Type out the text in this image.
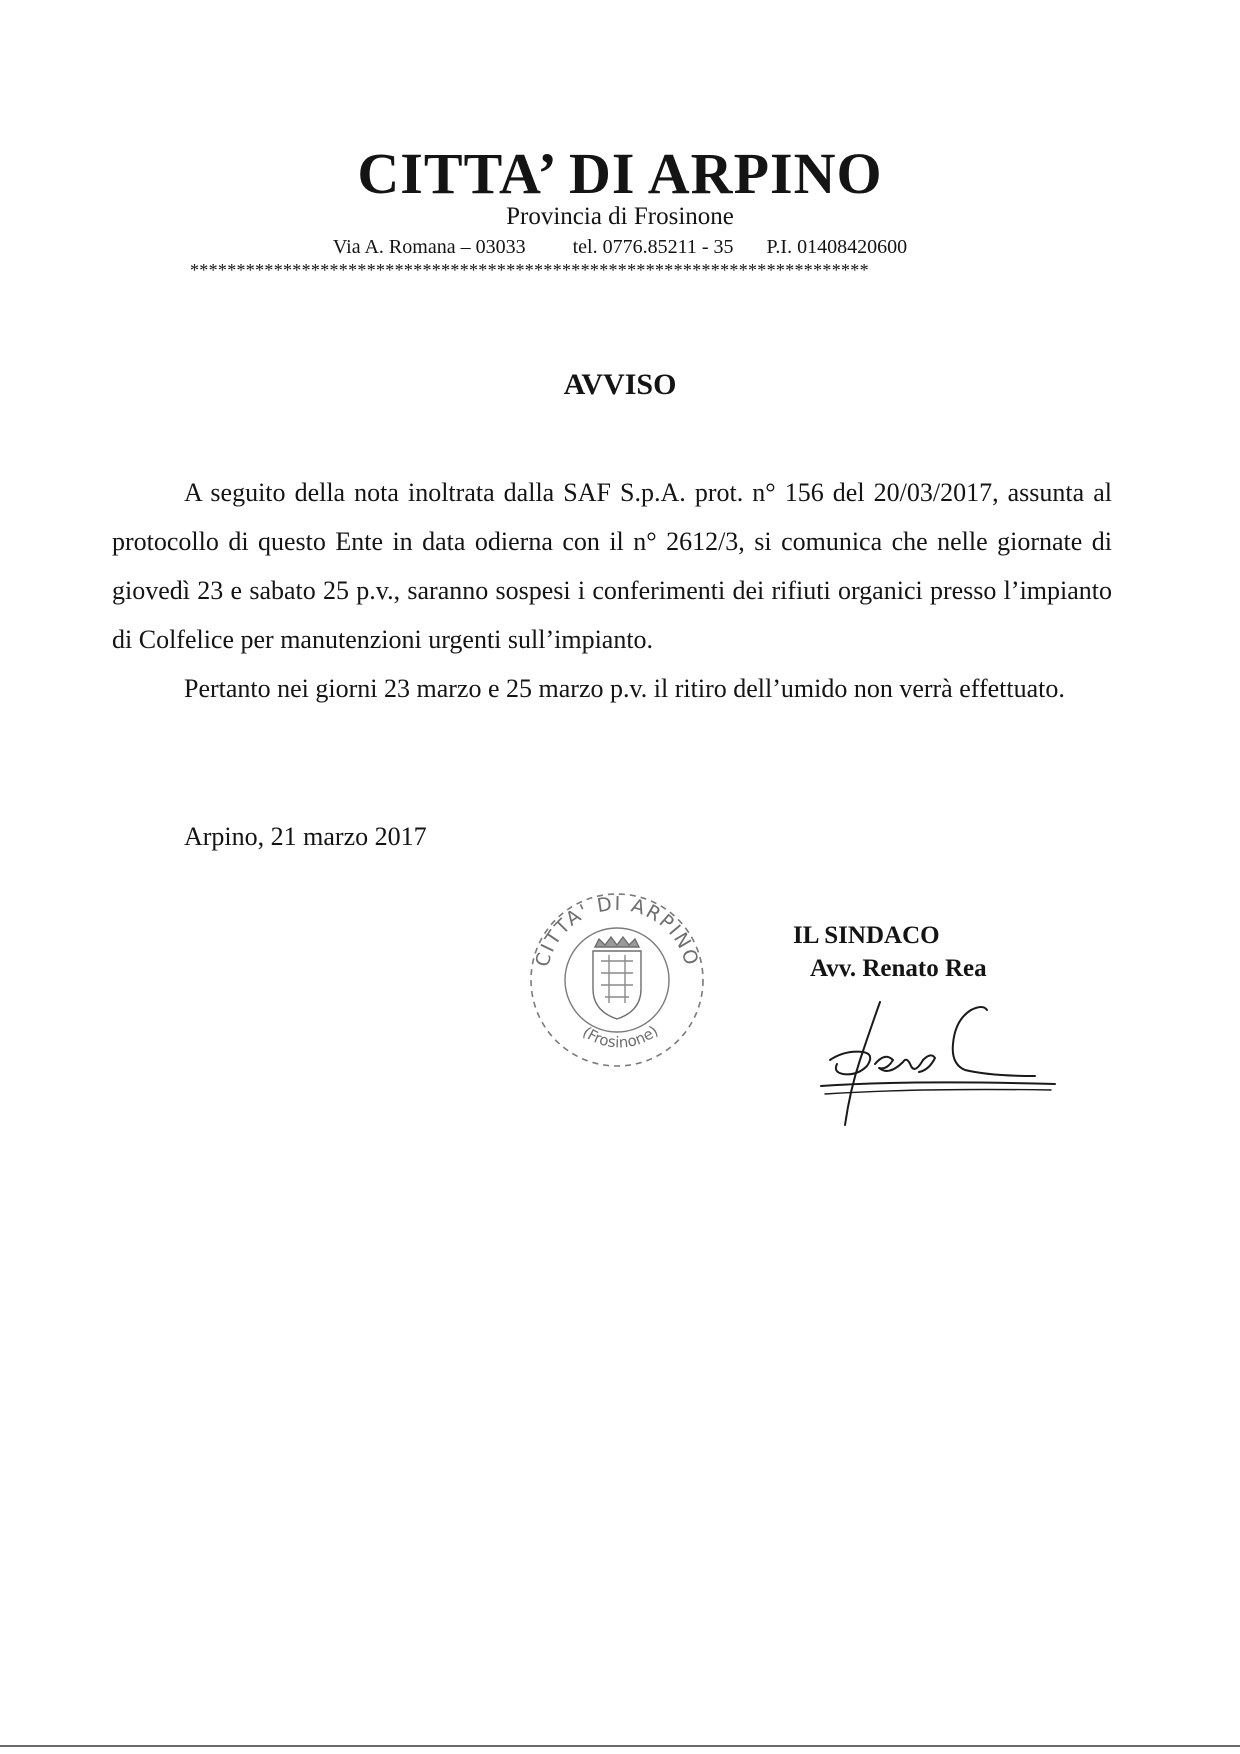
CITTA’ DI ARPINO
Provincia di Frosinone
Via A. Romana – 03033 tel. 0776.85211 - 35 P.I. 01408420600
*************************************************************************
AVVISO

A seguito della nota inoltrata dalla SAF S.p.A. prot. n° 156 del 20/03/2017, assunta al protocollo di questo Ente in data odierna con il n° 2612/3, si comunica che nelle giornate di giovedì 23 e sabato 25 p.v., saranno sospesi i conferimenti dei rifiuti organici presso l’impianto di Colfelice per manutenzioni urgenti sull’impianto.

Pertanto nei giorni 23 marzo e 25 marzo p.v. il ritiro dell’umido non verrà effettuato.

Arpino, 21 marzo 2017
CITTA' DI ARPINO
(Frosinone)
IL SINDACO
Avv. Renato Rea
